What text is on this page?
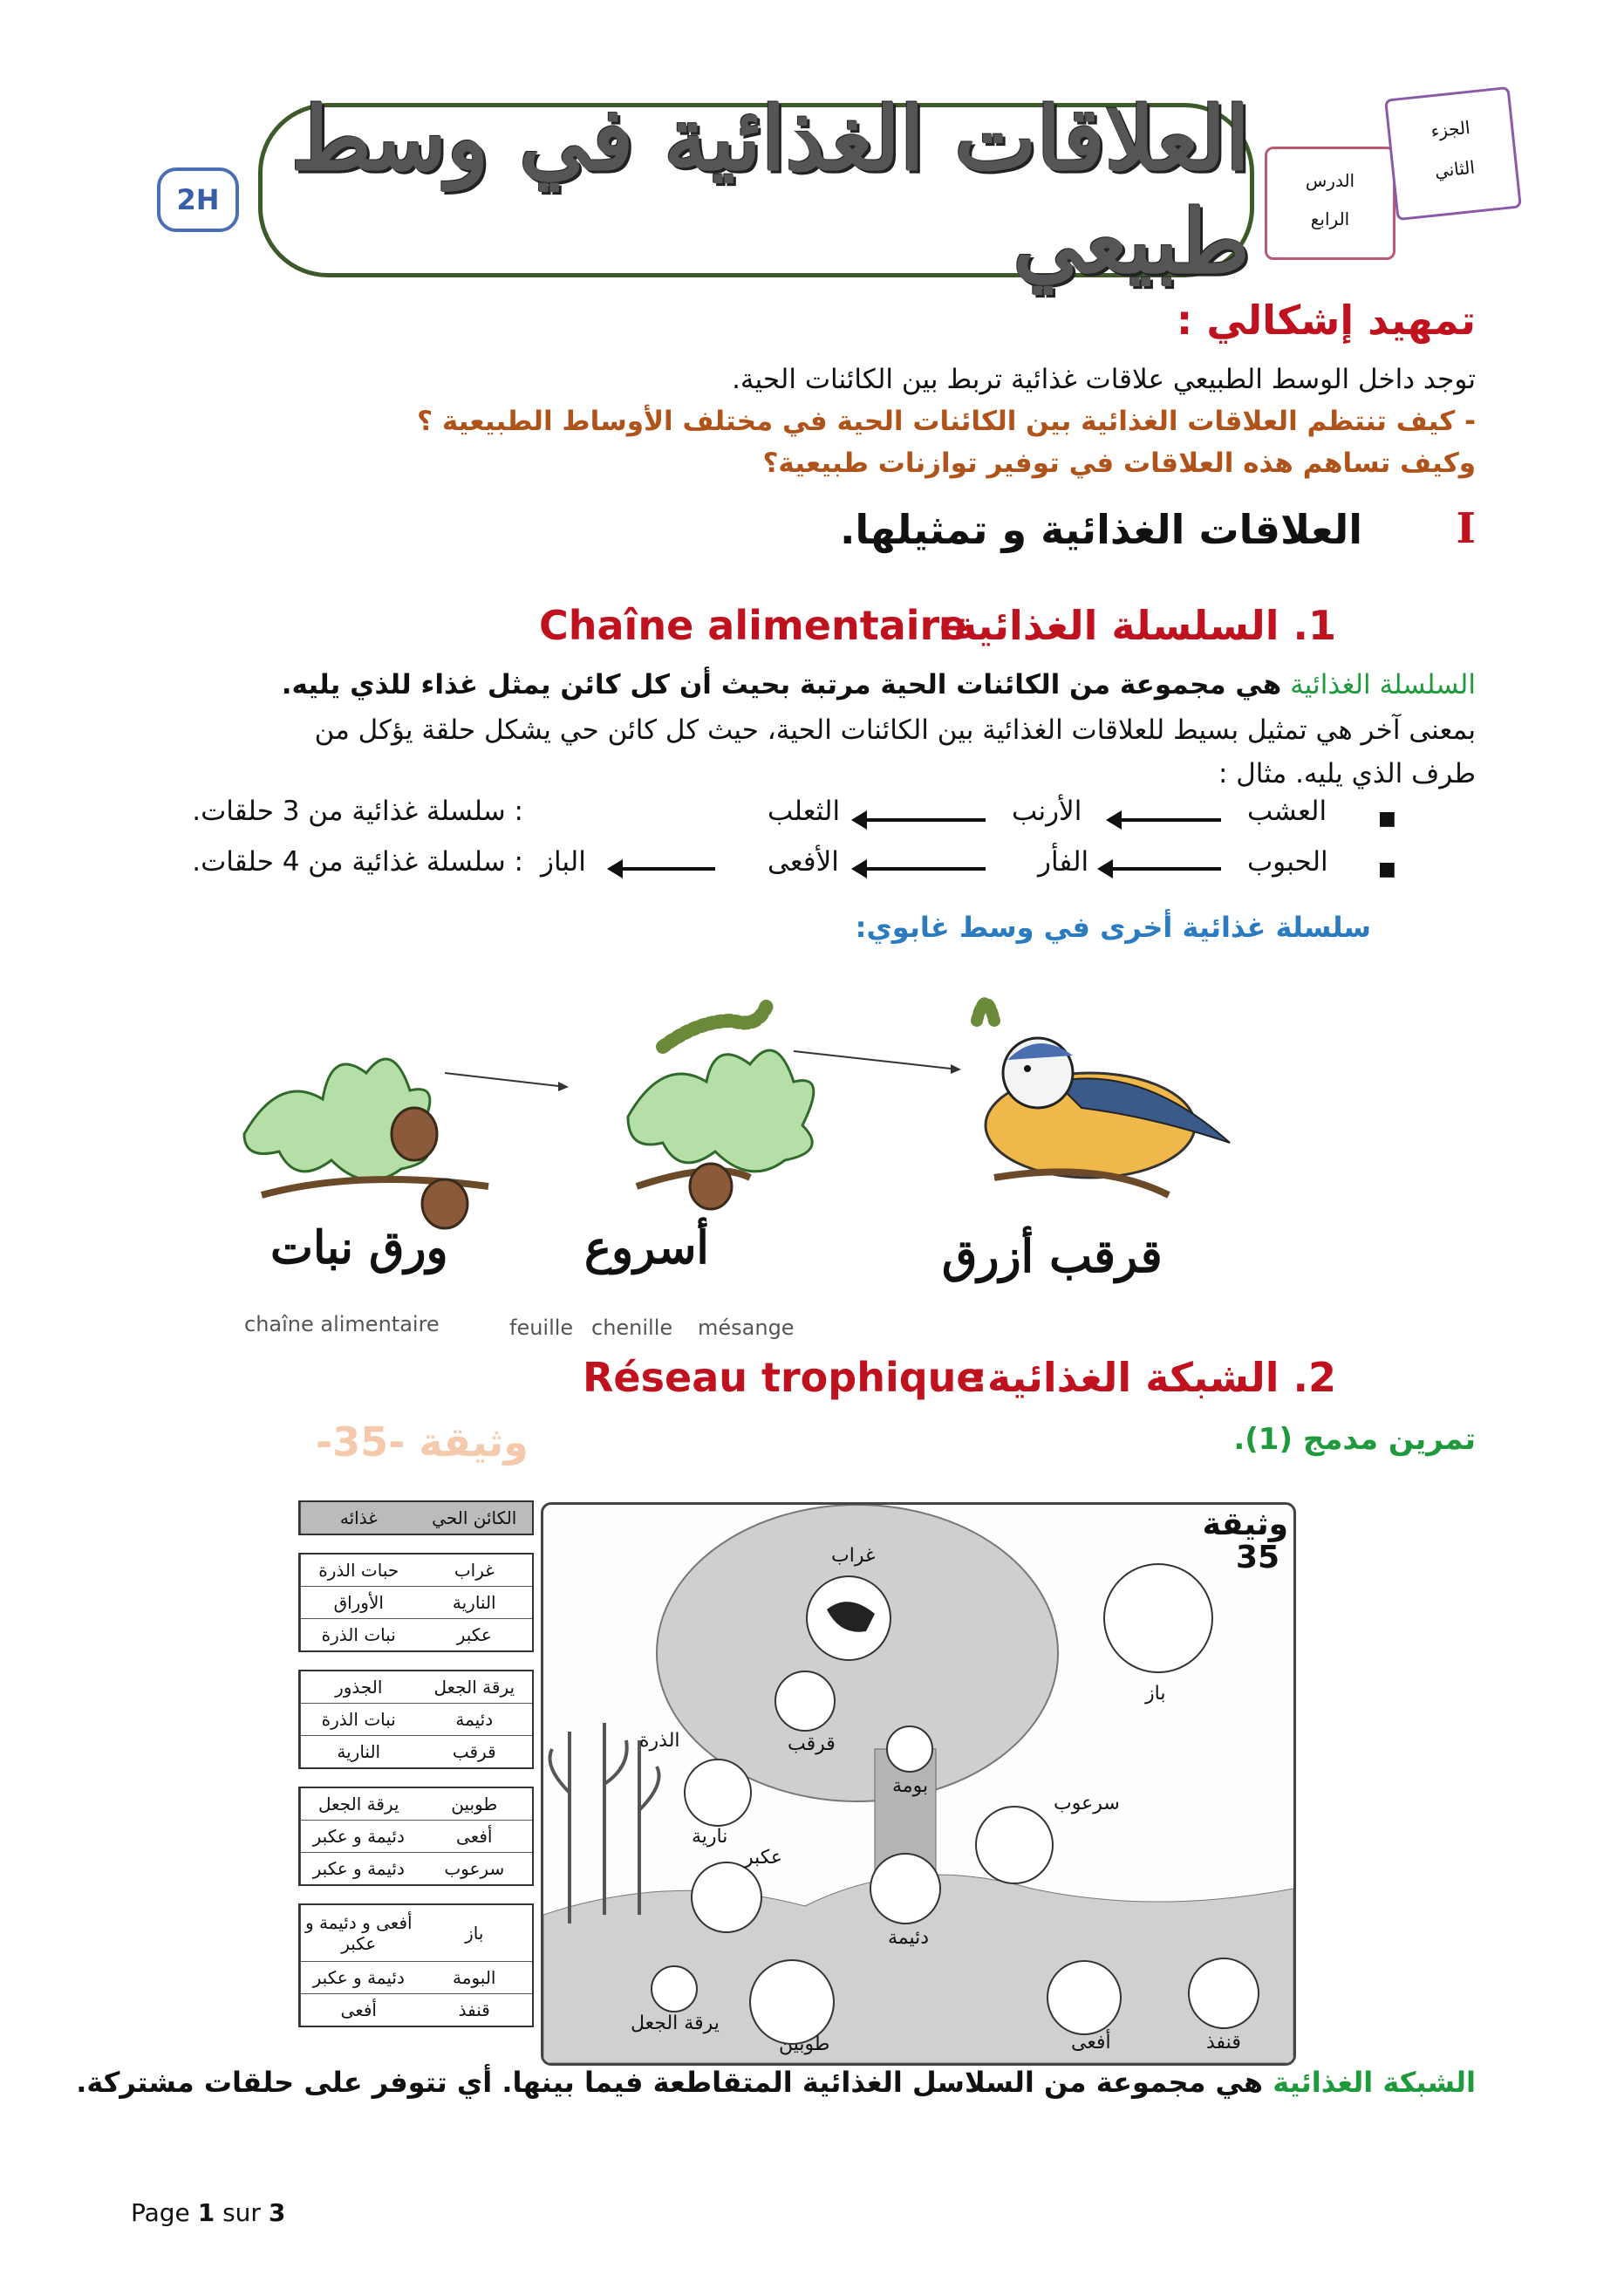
2H
العلاقات الغذائية في وسط طبيعي
الدرس
الرابع
الجزء
الثاني
تمهيد إشكالي :
توجد داخل الوسط الطبيعي علاقات غذائية تربط بين الكائنات الحية.
- كيف تنتظم العلاقات الغذائية بين الكائنات الحية في مختلف الأوساط الطبيعية ؟
وكيف تساهم هذه العلاقات في توفير توازنات طبيعية؟
I
العلاقات الغذائية و تمثيلها.
1. السلسلة الغذائية:
Chaîne alimentaire
السلسلة الغذائية هي مجموعة من الكائنات الحية مرتبة بحيث أن كل كائن يمثل غذاء للذي يليه.
بمعنى آخر هي تمثيل بسيط للعلاقات الغذائية بين الكائنات الحية، حيث كل كائن حي يشكل حلقة يؤكل من
طرف الذي يليه. مثال :
■
العشب
الأرنب
الثعلب
: سلسلة غذائية من 3 حلقات.
■
الحبوب
الفأر
الأفعى
الباز
: سلسلة غذائية من 4 حلقات.
سلسلة غذائية أخرى في وسط غابوي:
ورق نبات	أسروع	قرقب أزرق
chaîne alimentaire	feuille chenille mésange
2. الشبكة الغذائية:
Réseau trophique
وثيقة -35-	تمرين مدمج (1).
غذائه	الكائن الحي
حبات الذرة	غراب
الأوراق	النارية
نبات الذرة	عكبر
الجذور	يرقة الجعل
نبات الذرة	دئيمة
النارية	قرقب
يرقة الجعل	طوبين
دئيمة و عكبر	أفعى
دئيمة و عكبر	سرعوب
أفعى و دئيمة و عكبر	باز
دئيمة و عكبر	البومة
أفعى	قنفذ
وثيقة 35
غراب
باز
قرقب
بومة
سرعوب
الذرة
نارية
عكبر
دئيمة
يرقة الجعل
طوبين	أفعى	قنفذ
الشبكة الغذائية هي مجموعة من السلاسل الغذائية المتقاطعة فيما بينها. أي تتوفر على حلقات مشتركة.
Page 1 sur 3
